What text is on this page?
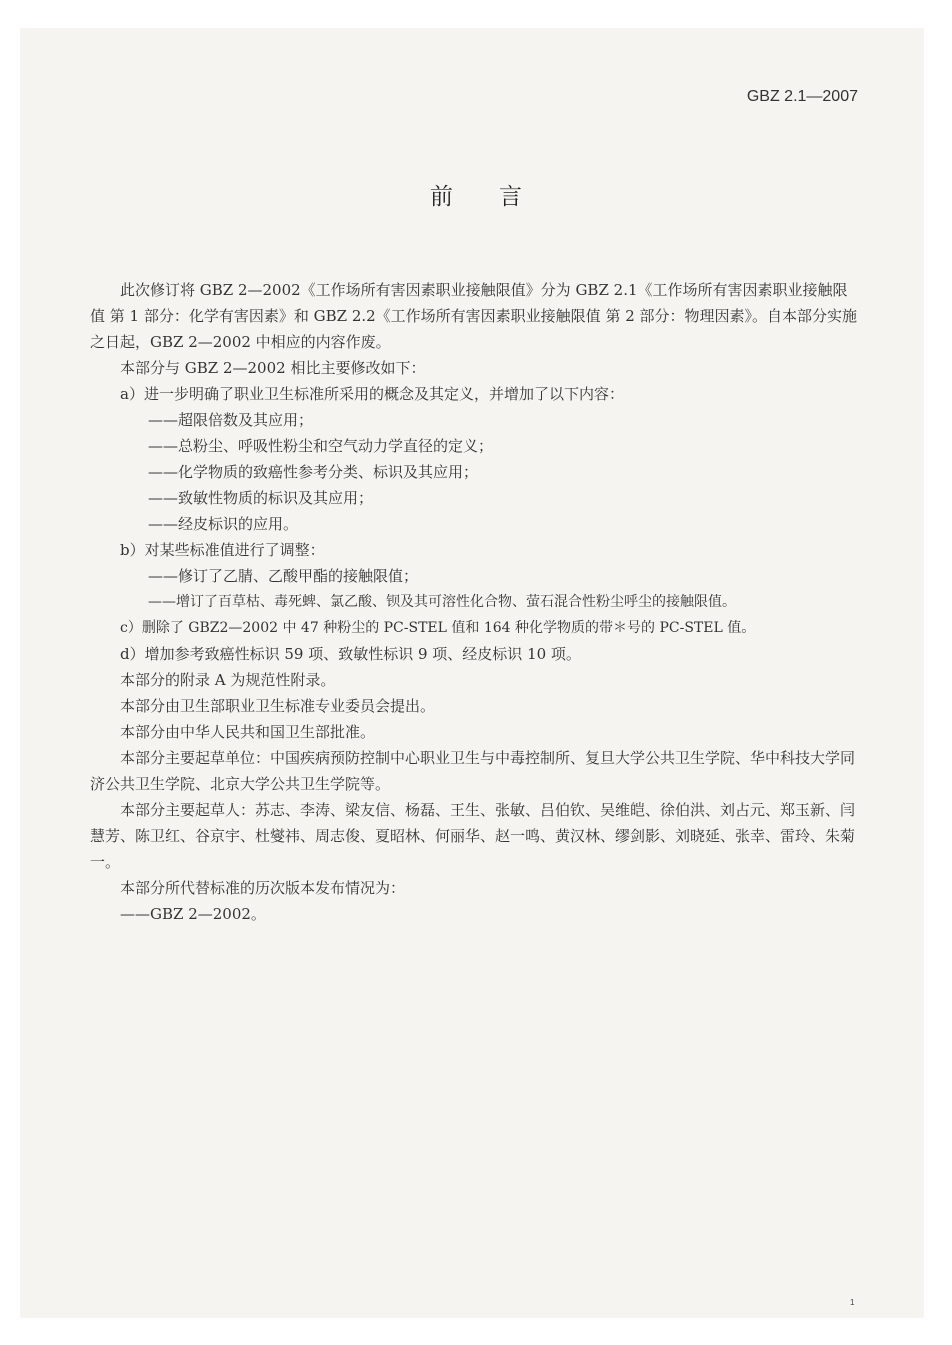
GBZ 2.1—2007
前言

此次修订将 GBZ 2—2002《工作场所有害因素职业接触限值》分为 GBZ 2.1《工作场所有害因素职业接触限值 第 1 部分：化学有害因素》和 GBZ 2.2《工作场所有害因素职业接触限值 第 2 部分：物理因素》。自本部分实施之日起，GBZ 2—2002 中相应的内容作废。

本部分与 GBZ 2—2002 相比主要修改如下：

a）进一步明确了职业卫生标准所采用的概念及其定义，并增加了以下内容：

——超限倍数及其应用；

——总粉尘、呼吸性粉尘和空气动力学直径的定义；

——化学物质的致癌性参考分类、标识及其应用；

——致敏性物质的标识及其应用；

——经皮标识的应用。

b）对某些标准值进行了调整：

——修订了乙腈、乙酸甲酯的接触限值；

——增订了百草枯、毒死蜱、氯乙酸、钡及其可溶性化合物、萤石混合性粉尘呼尘的接触限值。

c）删除了 GBZ2—2002 中 47 种粉尘的 PC-STEL 值和 164 种化学物质的带＊号的 PC-STEL 值。

d）增加参考致癌性标识 59 项、致敏性标识 9 项、经皮标识 10 项。

本部分的附录 A 为规范性附录。

本部分由卫生部职业卫生标准专业委员会提出。

本部分由中华人民共和国卫生部批准。

本部分主要起草单位：中国疾病预防控制中心职业卫生与中毒控制所、复旦大学公共卫生学院、华中科技大学同济公共卫生学院、北京大学公共卫生学院等。

本部分主要起草人：苏志、李涛、梁友信、杨磊、王生、张敏、吕伯钦、吴维皑、徐伯洪、刘占元、郑玉新、闫慧芳、陈卫红、谷京宇、杜燮祎、周志俊、夏昭林、何丽华、赵一鸣、黄汉林、缪剑影、刘晓延、张幸、雷玲、朱菊一。

本部分所代替标准的历次版本发布情况为：

——GBZ 2—2002。

1
